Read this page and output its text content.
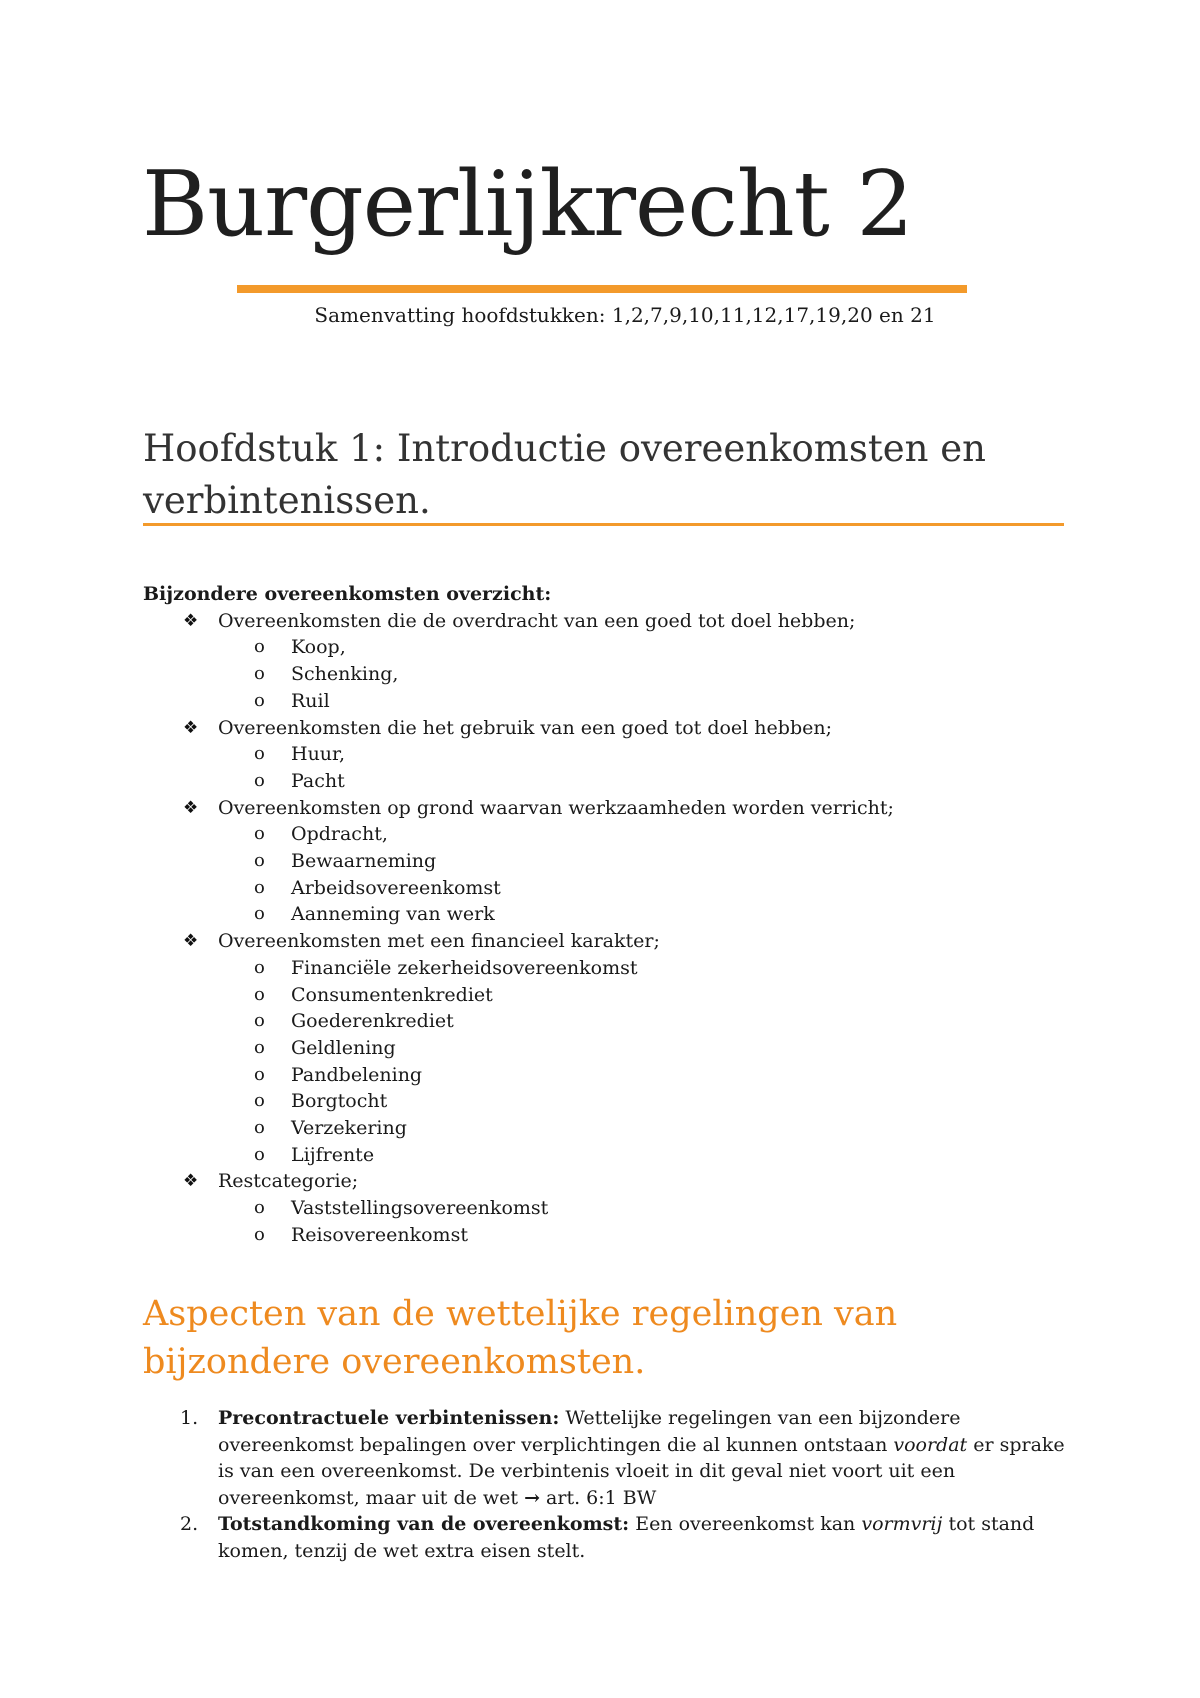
Burgerlijkrecht 2
Samenvatting hoofdstukken: 1,2,7,9,10,11,12,17,19,20 en 21
Hoofdstuk 1: Introductie overeenkomsten en verbintenissen.
Bijzondere overeenkomsten overzicht:
❖ Overeenkomsten die de overdracht van een goed tot doel hebben;
o Koop,
o Schenking,
o Ruil
❖ Overeenkomsten die het gebruik van een goed tot doel hebben;
o Huur,
o Pacht
❖ Overeenkomsten op grond waarvan werkzaamheden worden verricht;
o Opdracht,
o Bewaarneming
o Arbeidsovereenkomst
o Aanneming van werk
❖ Overeenkomsten met een financieel karakter;
o Financiële zekerheidsovereenkomst
o Consumentenkrediet
o Goederenkrediet
o Geldlening
o Pandbelening
o Borgtocht
o Verzekering
o Lijfrente
❖ Restcategorie;
o Vaststellingsovereenkomst
o Reisovereenkomst
Aspecten van de wettelijke regelingen van bijzondere overeenkomsten.
1. Precontractuele verbintenissen: Wettelijke regelingen van een bijzondere overeenkomst bepalingen over verplichtingen die al kunnen ontstaan voordat er sprake is van een overeenkomst. De verbintenis vloeit in dit geval niet voort uit een overeenkomst, maar uit de wet → art. 6:1 BW
2. Totstandkoming van de overeenkomst: Een overeenkomst kan vormvrij tot stand komen, tenzij de wet extra eisen stelt.
